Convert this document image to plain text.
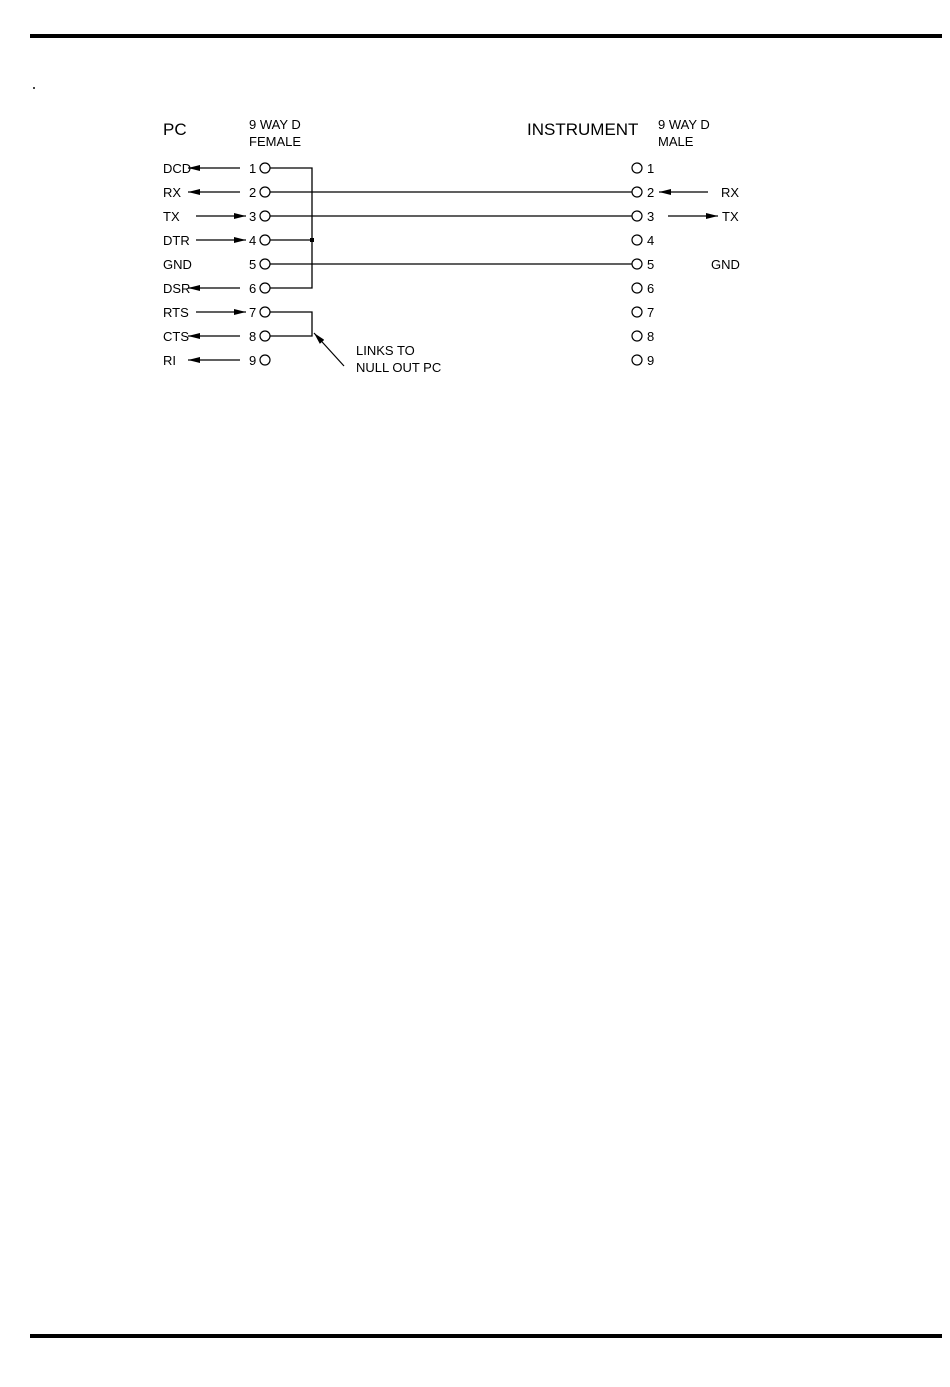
PC	9 WAY D
FEMALE
INSTRUMENT 9 WAY D
MALE
LINKS TO
NULL OUT PC
DCD	1
RX	2
TX	3
DTR	4
GND	5
DSR	6
RTS	7
CTS	8
RI	9
1
2	RX
3	TX
4
5	GND
6
7
8
9
